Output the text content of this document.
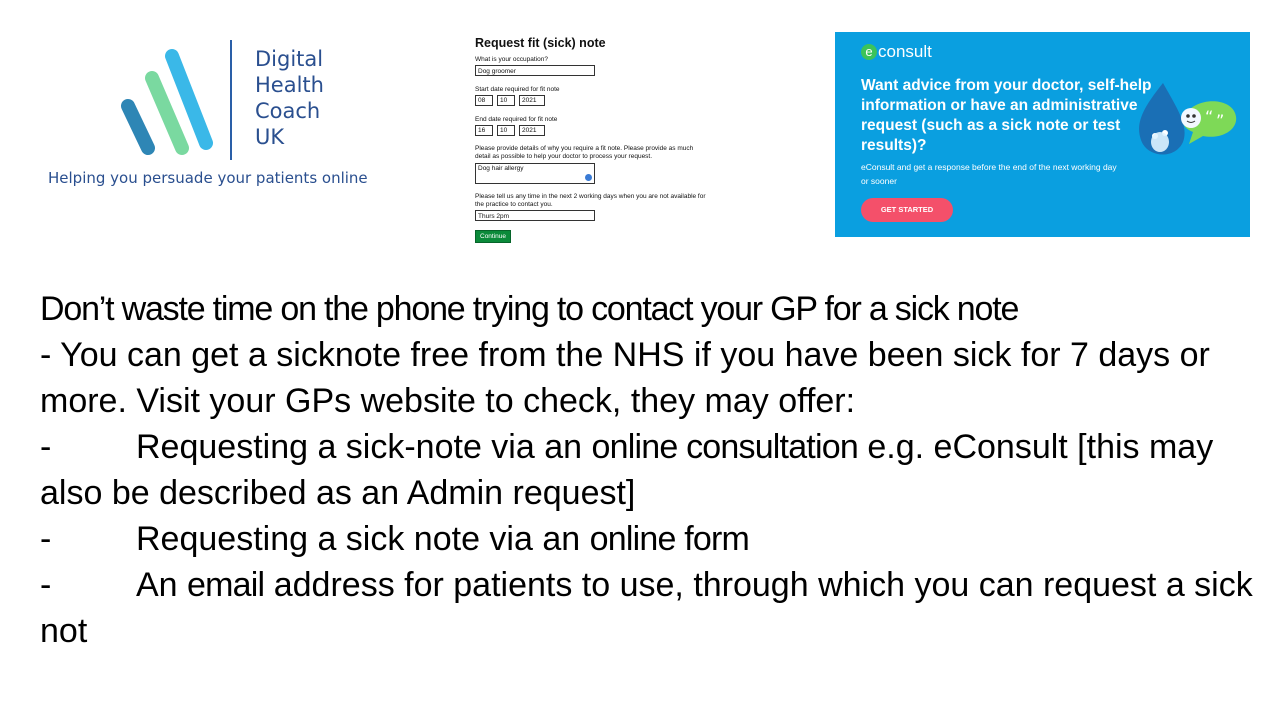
Digital
Health
Coach
UK
Helping you persuade your patients online
Request fit (sick) note
What is your occupation?
Dog groomer
Start date required for fit note
08	10	2021
End date required for fit note
16	10	2021
Please provide details of why you require a fit note. Please provide as much detail as possible to help your doctor to process your request.
Dog hair allergy
Please tell us any time in the next 2 working days when you are not available for the practice to contact you.
Thurs 2pm
Continue
e consult
Want advice from your doctor, self-help information or have an administrative request (such as a sick note or test results)?
eConsult and get a response before the end of the next working day or sooner
GET STARTED
“ ”

Don’t waste time on the phone trying to contact your GP for a sick note

- You can get a sicknote free from the NHS if you have been sick for 7 days or more. Visit your GPs website to check, they may offer:

- Requesting a sick-note via an online consultation e.g. eConsult [this may also be described as an Admin request]

- Requesting a sick note via an online form

- An email address for patients to use, through which you can request a sick not
